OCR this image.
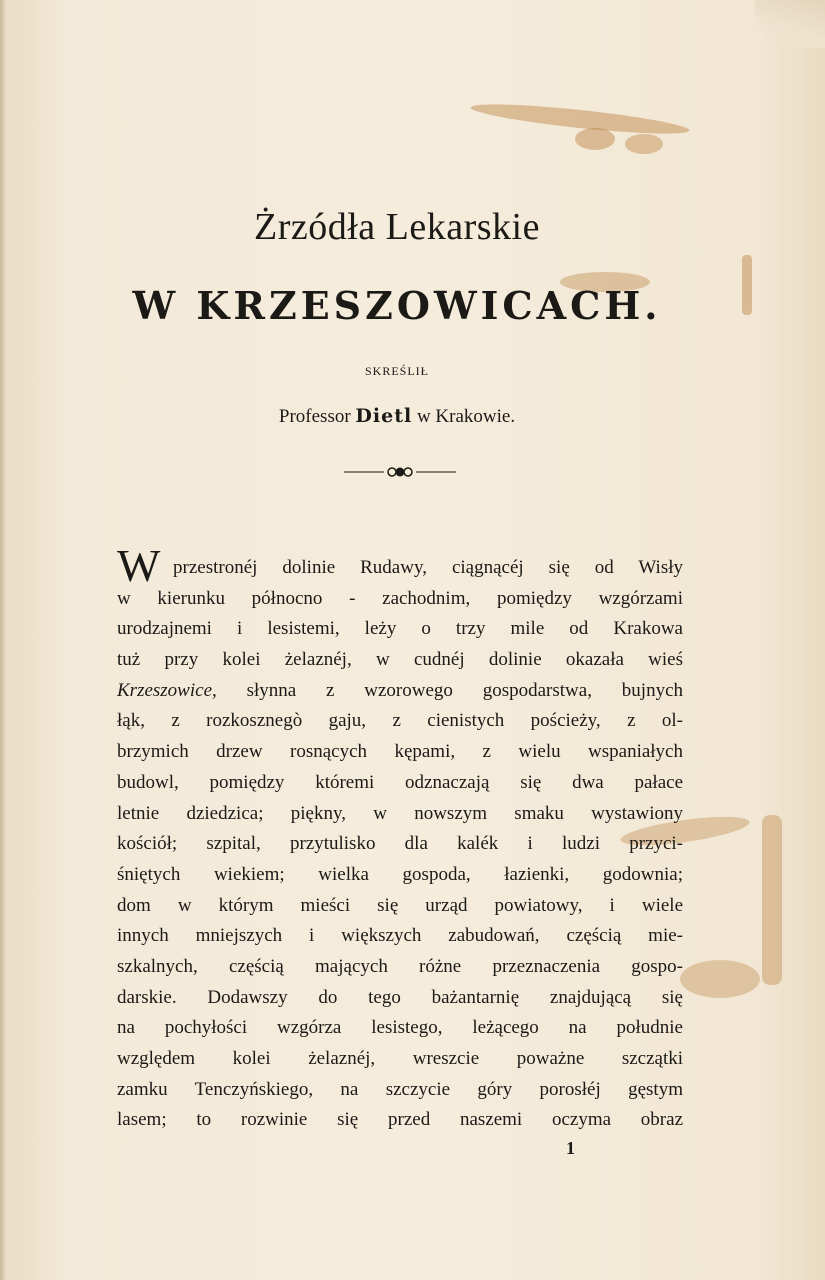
Żrzódła Lekarskie
W KRZESZOWICACH.
SKREŚLIŁ
Professor Dietl w Krakowie.
W przestronéj dolinie Rudawy, ciągnącéj się od Wisły
w kierunku północno - zachodnim, pomiędzy wzgórzami
urodzajnemi i lesistemi, leży o trzy mile od Krakowa
tuż przy kolei żelaznéj, w cudnéj dolinie okazała wieś
Krzeszowice, słynna z wzorowego gospodarstwa, bujnych
łąk, z rozkosznegò gaju, z cienistych pościeży, z ol-
brzymich drzew rosnących kępami, z wielu wspaniałych
budowl, pomiędzy któremi odznaczają się dwa pałace
letnie dziedzica; piękny, w nowszym smaku wystawiony
kościół; szpital, przytulisko dla kalék i ludzi przyci-
śniętych wiekiem; wielka gospoda, łazienki, godownia;
dom w którym mieści się urząd powiatowy, i wiele
innych mniejszych i większych zabudowań, częścią mie-
szkalnych, częścią mających różne przeznaczenia gospo-
darskie. Dodawszy do tego bażantarnię znajdującą się
na pochyłości wzgórza lesistego, leżącego na południe
względem kolei żelaznéj, wreszcie poważne szczątki
zamku Tenczyńskiego, na szczycie góry porosłéj gęstym
lasem; to rozwinie się przed naszemi oczyma obraz
1
